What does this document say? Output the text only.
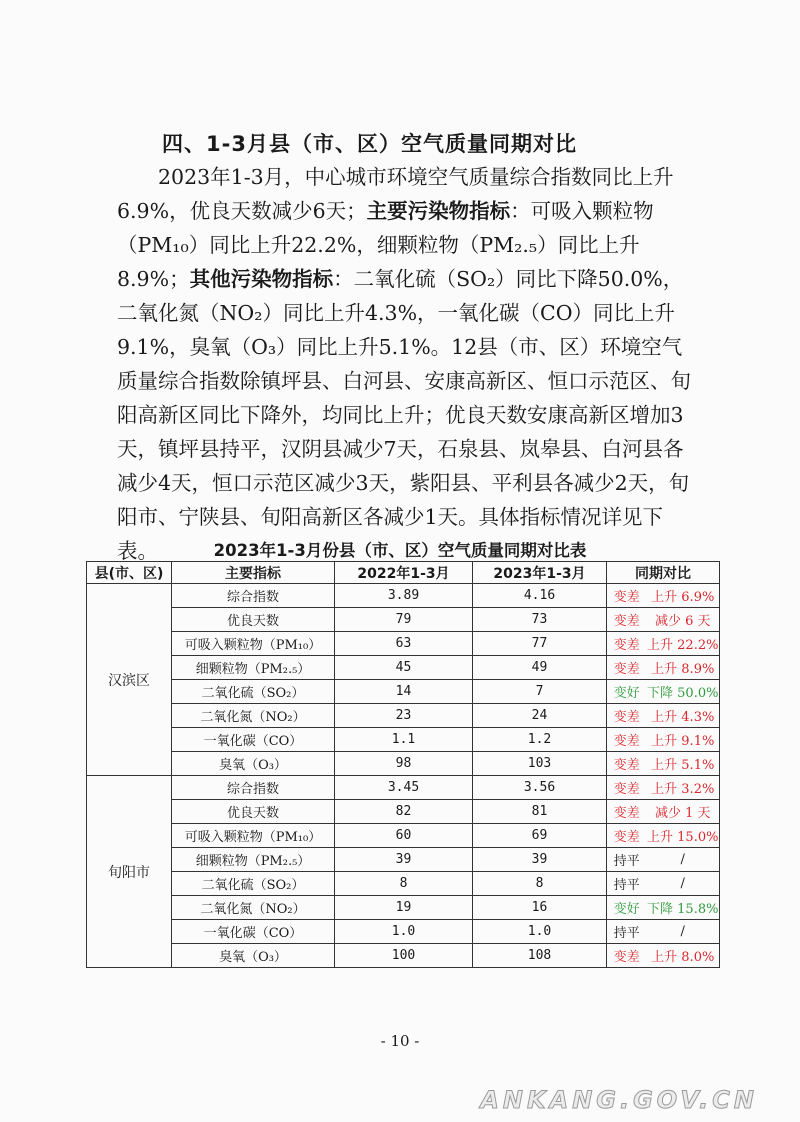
四、1-3月县（市、区）空气质量同期对比

2023年1-3月，中心城市环境空气质量综合指数同比上升6.9%，优良天数减少6天；主要污染物指标：可吸入颗粒物（PM₁₀）同比上升22.2%，细颗粒物（PM₂.₅）同比上升8.9%；其他污染物指标：二氧化硫（SO₂）同比下降50.0%，二氧化氮（NO₂）同比上升4.3%，一氧化碳（CO）同比上升9.1%，臭氧（O₃）同比上升5.1%。12县（市、区）环境空气质量综合指数除镇坪县、白河县、安康高新区、恒口示范区、旬阳高新区同比下降外，均同比上升；优良天数安康高新区增加3天，镇坪县持平，汉阴县减少7天，石泉县、岚皋县、白河县各减少4天，恒口示范区减少3天，紫阳县、平利县各减少2天，旬阳市、宁陕县、旬阳高新区各减少1天。具体指标情况详见下表。	2023年1-3月份县（市、区）空气质量同期对比表
县(市、区)	主要指标	2022年1-3月	2023年1-3月	同期对比	
汉滨区	综合指数	3.89	4.16	变差	上升 6.9%
	优良天数	79	73	变差	减少 6 天
	可吸入颗粒物（PM₁₀）	63	77	变差	上升 22.2%
	细颗粒物（PM₂.₅）	45	49	变差	上升 8.9%
	二氧化硫（SO₂）	14	7	变好	下降 50.0%
	二氧化氮（NO₂）	23	24	变差	上升 4.3%
	一氧化碳（CO）	1.1	1.2	变差	上升 9.1%
	臭氧（O₃）	98	103	变差	上升 5.1%
旬阳市	综合指数	3.45	3.56	变差	上升 3.2%
	优良天数	82	81	变差	减少 1 天
	可吸入颗粒物（PM₁₀）	60	69	变差	上升 15.0%
	细颗粒物（PM₂.₅）	39	39	持平	/
	二氧化硫（SO₂）	8	8	持平	/
	二氧化氮（NO₂）	19	16	变好	下降 15.8%
	一氧化碳（CO）	1.0	1.0	持平	/
	臭氧（O₃）	100	108	变差	上升 8.0%
- 10 -
ANKANG.GOV.CN
